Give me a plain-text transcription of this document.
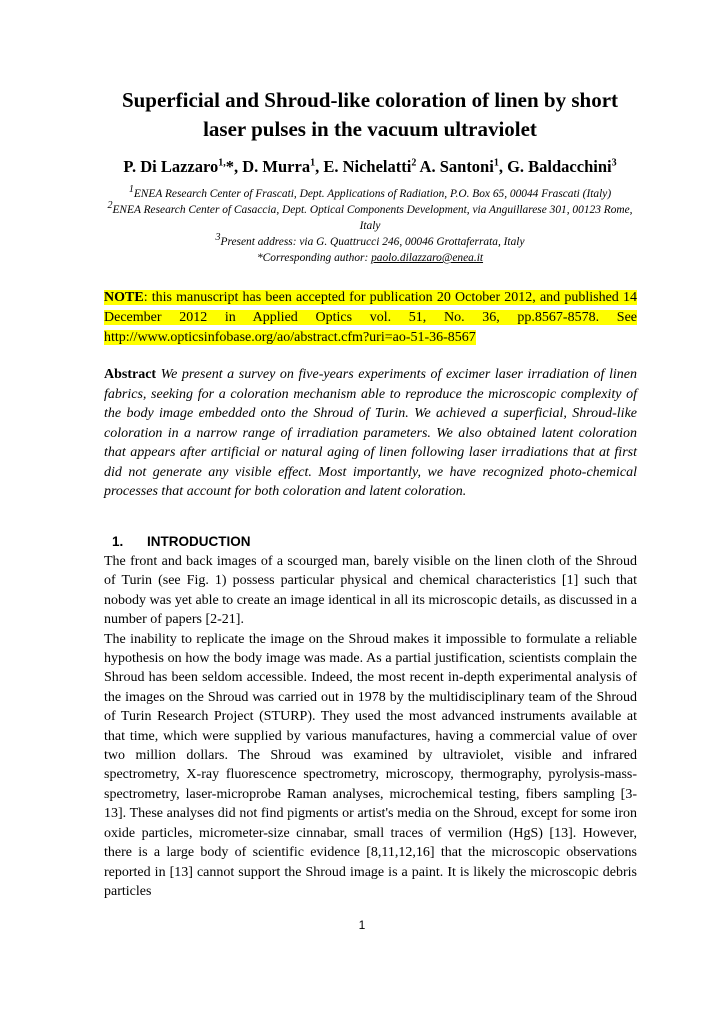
Superficial and Shroud-like coloration of linen by short laser pulses in the vacuum ultraviolet
P. Di Lazzaro$^{1,}$*, D. Murra$^1$, E. Nichelatti$^2$ A. Santoni$^1$, G. Baldacchini$^3$

$^1$ENEA Research Center of Frascati, Dept. Applications of Radiation, P.O. Box 65, 00044 Frascati (Italy)

$^2$ENEA Research Center of Casaccia, Dept. Optical Components Development, via Anguillarese 301, 00123 Rome, Italy

$^3$Present address: via G. Quattrucci 246, 00046 Grottaferrata, Italy

*Corresponding author: paolo.dilazzaro@enea.it

NOTE: this manuscript has been accepted for publication 20 October 2012, and published 14 December 2012 in Applied Optics vol. 51, No. 36, pp.8567-8578. See http://www.opticsinfobase.org/ao/abstract.cfm?uri=ao-51-36-8567
Abstract We present a survey on five-years experiments of excimer laser irradiation of linen fabrics, seeking for a coloration mechanism able to reproduce the microscopic complexity of the body image embedded onto the Shroud of Turin. We achieved a superficial, Shroud-like coloration in a narrow range of irradiation parameters. We also obtained latent coloration that appears after artificial or natural aging of linen following laser irradiations that at first did not generate any visible effect. Most importantly, we have recognized photo-chemical processes that account for both coloration and latent coloration.
1. INTRODUCTION

The front and back images of a scourged man, barely visible on the linen cloth of the Shroud of Turin (see Fig. 1) possess particular physical and chemical characteristics [1] such that nobody was yet able to create an image identical in all its microscopic details, as discussed in a number of papers [2-21].

The inability to replicate the image on the Shroud makes it impossible to formulate a reliable hypothesis on how the body image was made. As a partial justification, scientists complain the Shroud has been seldom accessible. Indeed, the most recent in-depth experimental analysis of the images on the Shroud was carried out in 1978 by the multidisciplinary team of the Shroud of Turin Research Project (STURP). They used the most advanced instruments available at that time, which were supplied by various manufactures, having a commercial value of over two million dollars. The Shroud was examined by ultraviolet, visible and infrared spectrometry, X-ray fluorescence spectrometry, microscopy, thermography, pyrolysis-mass-spectrometry, laser-microprobe Raman analyses, microchemical testing, fibers sampling [3-13]. These analyses did not find pigments or artist's media on the Shroud, except for some iron oxide particles, micrometer-size cinnabar, small traces of vermilion (HgS) [13]. However, there is a large body of scientific evidence [8,11,12,16] that the microscopic observations reported in [13] cannot support the Shroud image is a paint. It is likely the microscopic debris particles

1
